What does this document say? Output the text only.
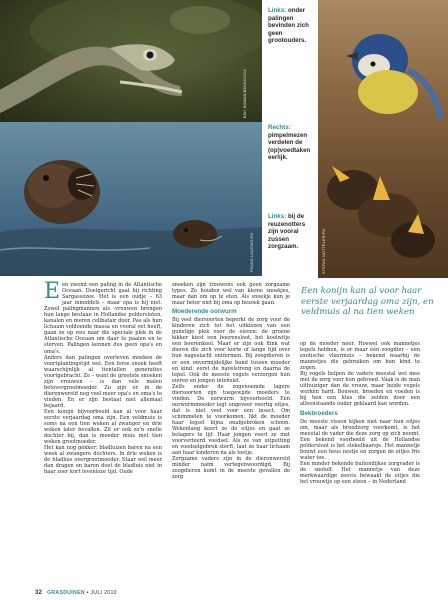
BEN ROMAN/BENNIS/ICA
Links: onder palingen bevinden zich geen grootouders.
Rechts: pimpelmezen verdelen de (op)voedtaken eerlijk.
Links: bij de reuzenotters zijn vooral zussen zorgzaam.	STEFAN NOTTELER/FN
FRANS LANTING/FN
Een konijn kan al voor haar
eerste verjaardag oma zijn, en
veldmuis al na tien weken

Een zwemt een paling in de Atlantische Oceaan. Doelgericht gaat hij richting Sargassozee. Het is een oudje – 63 jaar inmiddels – maar opa is hij niet. Zowel palingmannen als -vrouwen brengen hun lange bestaan in Hollandse poldersloten, kanalen en meren celibatair door. Pas als hun lichaam voldoende massa en vooral vet heeft, gaan ze op reis naar die speciale plek in de Atlantische Oceaan om daar te paaien en te sterven. Palingen kennen dus geen opa's en oma's.

Anders dan palingen overleven moeken de voortplantingstijd wel. Een forse snoek heeft waarschijnlijk al tientallen generaties voortgebracht. Ze – want de grootste snoeken zijn vrouwen – is dan vele malen betovergrootmoeder. Zo zijn er in de dierenwereld nog veel meer opa's en oma's te vinden. En er zijn bestaat niet allemaal bejaard.

Een konijn bijvoorbeeld kan al voor haar eerste verjaardag oma zijn. Een veldmuis is soms na een tien weken al zwanger en drie weken later bevallen. Zit er ook zo'n snelle dochter bij, dan is moeder muis met tien weken grootmoeder.

Het kan nog gekker: bladluizen baren na een week al zwangere dochters. In drie weken is de bladluis overgrootmoeder. Staar wel meer dan dragen en baren doet de bladluis niet in haar zeer kort levenloze tijd. Oude

snoeken zijn trouwens ook geen zorgzame types. Ze houden wel van kleine snoekjes, maar dan om op te eten. Als snoekje kun je maar beter niet bij oma op bezoek gaan.

Moederende oorwurm

Bij veel diersoorten beperkt de zorg voor de kinderen zich tot het uitkiezen van een gunstige plek voor de eieren: de groene kikker kiest een boerensloot, het koolwitje een boerenkool. Maar er zijn ook flink wat dieren die zich voor korte of lange tijd over hun nageslacht ontfermen. Bij zoogdieren is er een onvermijdelijke band tussen moeder en kind: eerst de navelstreng en daarna de tepel. Ook de meeste vogels verzorgen hun eieren en jongen intensief.

Zelfs onder de zogenoemde lagere diersoorten zijn toegewijde moeders te vinden. De oorwurm bijvoorbeeld. Een oorwurmmoeder legt ongeveer veertig eitjes, dat is niet veel voor een insect. Om schimmelen te voorkomen, likt de moeder haar legsel bijna onafgebroken schoon. Wekenlang keert ze de eitjes en gaat ze belagers te lijf. Haar jongen voert ze met voorverteerd voedsel. Als ze van uitputting en voedselgebrek sterft, laat ze haar lichaam aan haar kinderen na als toetje.

Zorgzame vaders zijn in de dierenwereld minder naïm vertegenwoordigd. Bij zoogdieren komt in de meeste gevallen de zorg

op de moeder neer. Hoewel ook mannetjes tepels hebben, is er maar één zoogdier – een exotische vleermuis – bekend waarbij de mannetjes die gebruiken om hun kind te zogen.

Bij vogels helpen de vaders meestal wel mee met de zorg voor hun gebroed. Vaak is de man uithuiziger dan de vrouw, maar beide vogels werken hard. Bouwen, broeden en voeden is bij hen een klus die zelden door een alleenstaande ouder geklaard kan worden.

Bekbroeders

De meeste vissen kijken niet naar hun eitjes om, maar als broedzorg voorkomt, is het meestal de vader die deze zorg op zich neemt. Een bekend voorbeeld uit de Hollandse poldersloot is het stekelbaarsje. Het mannetje bouwt een heus nestje en zorgen de eitjes fris water toe.

Een minder bekende buitendijkse zorgvader is de snotolf. Het mannetje van deze merkwaardige zeevis bewaakt de eitjes die het vrouwtje op een steen – in Nederland

32 GRASDUINEN • JULI 2010
